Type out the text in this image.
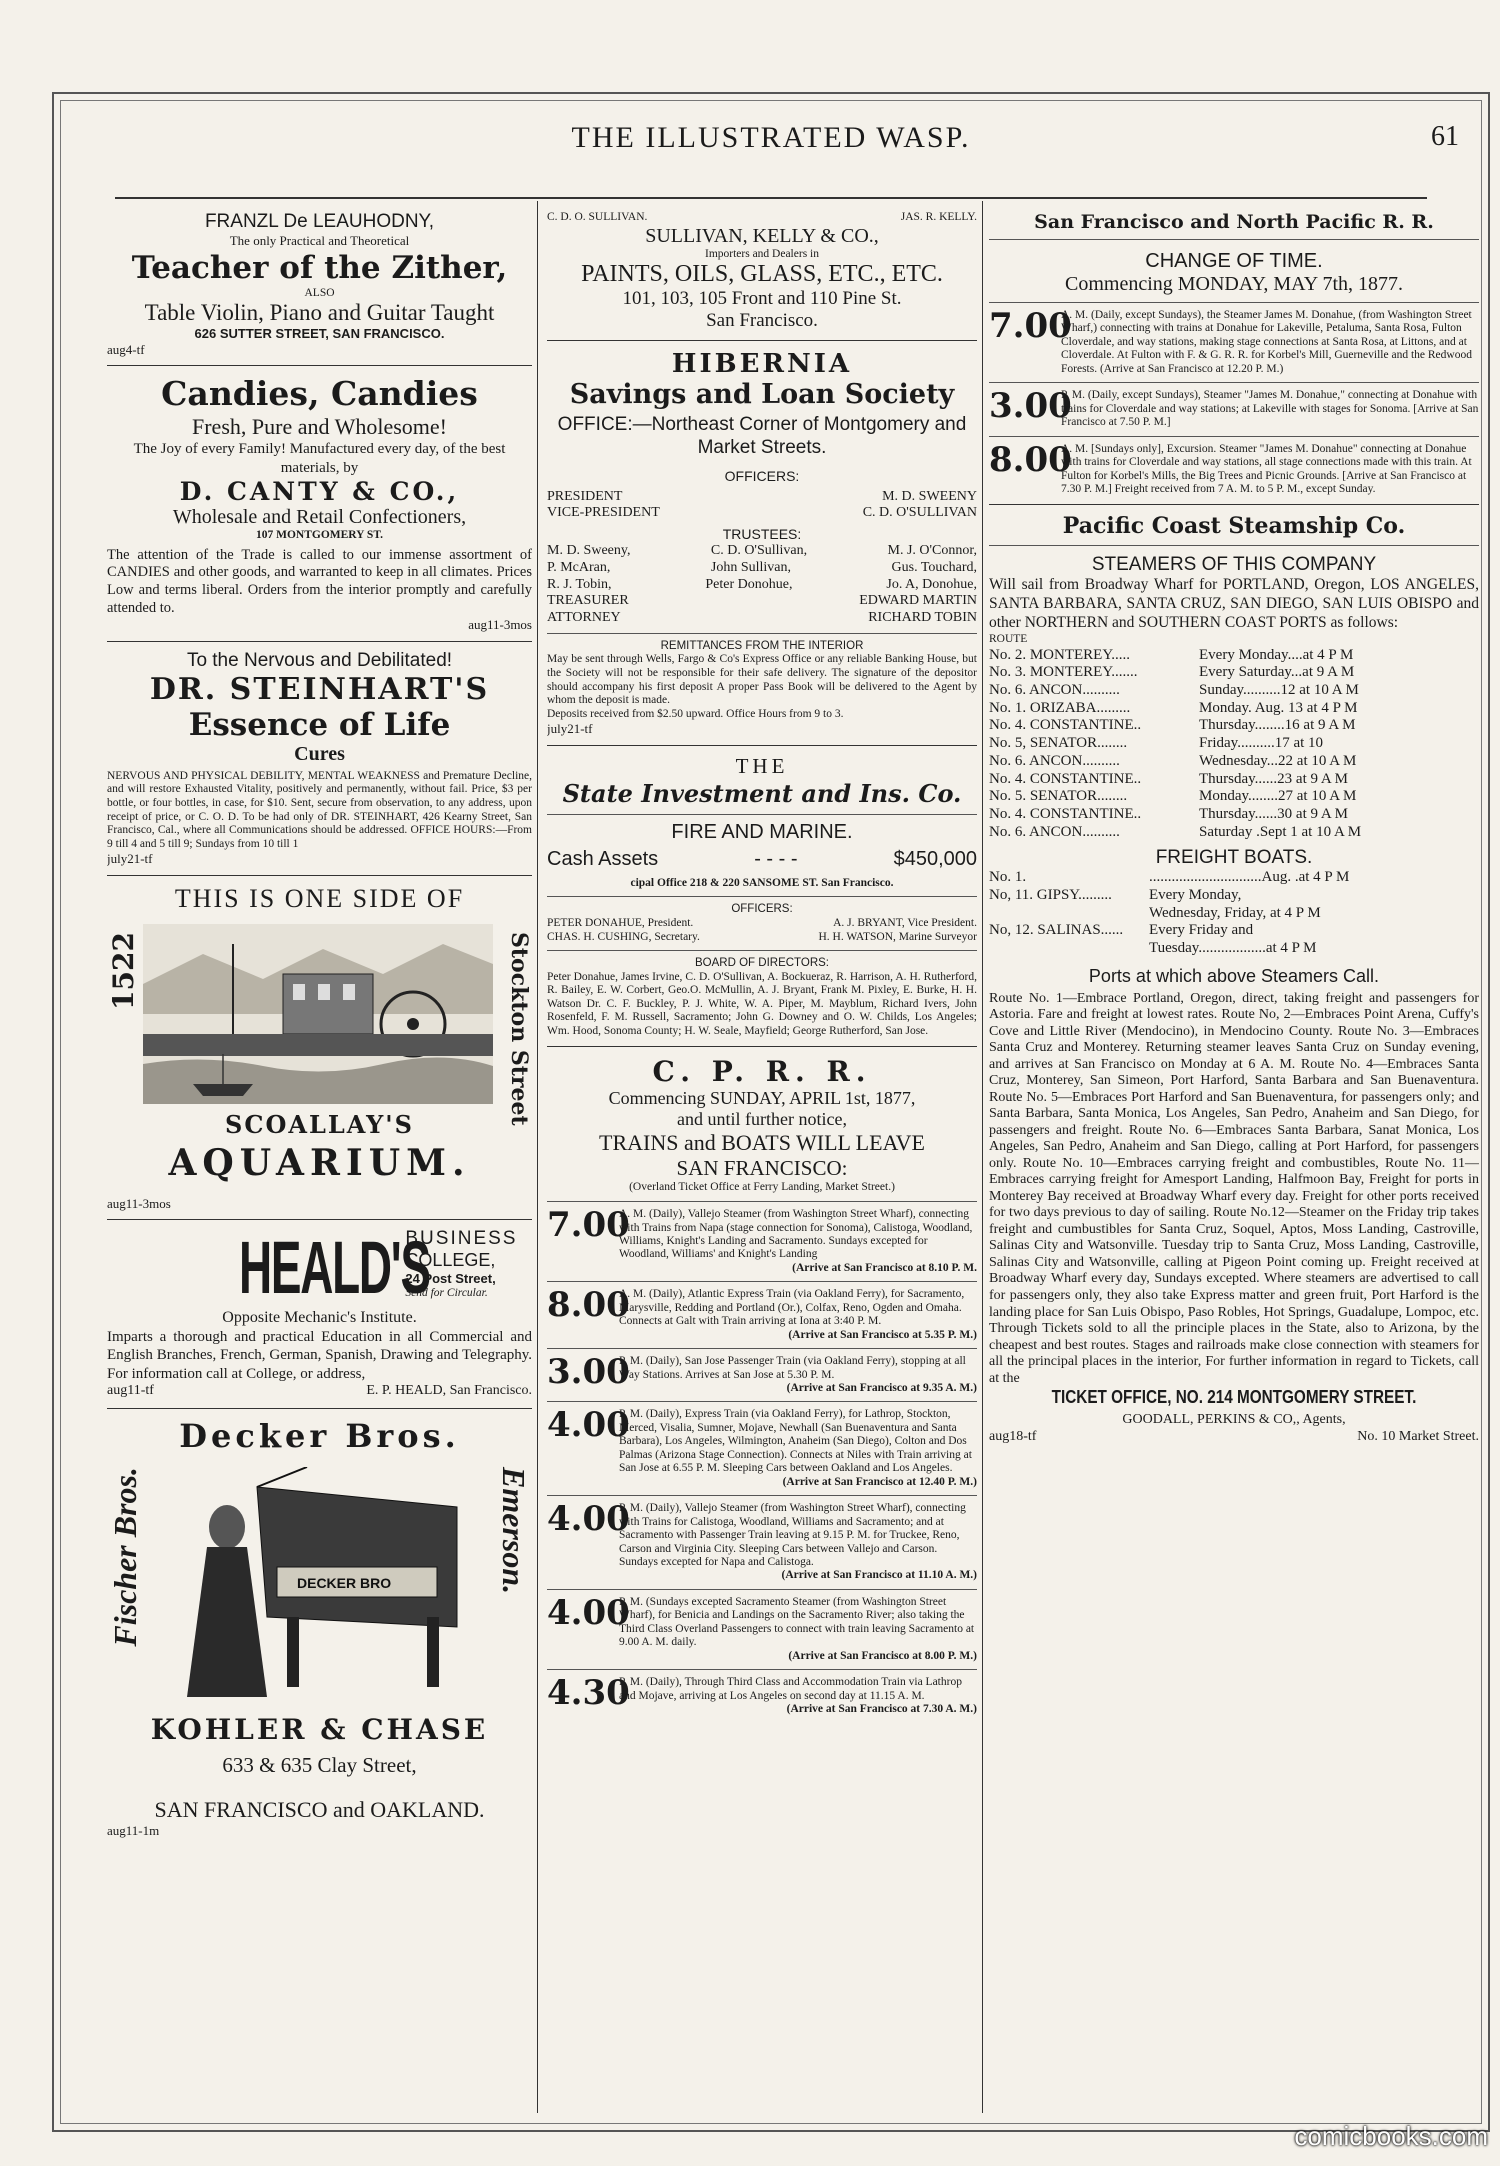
THE ILLUSTRATED WASP.	61
FRANZL De LEAUHODNY,
The only Practical and Theoretical
Teacher of the Zither,
ALSO
Table Violin, Piano and Guitar Taught
626 SUTTER STREET, SAN FRANCISCO.
aug4-tf
Candies, Candies
Fresh, Pure and Wholesome!
The Joy of every Family! Manufactured every day, of the best materials, by
D. CANTY & CO.,
Wholesale and Retail Confectioners,
107 MONTGOMERY ST.
The attention of the Trade is called to our immense assortment of CANDIES and other goods, and warranted to keep in all climates. Prices Low and terms liberal. Orders from the interior promptly and carefully attended to.
aug11-3mos
To the Nervous and Debilitated!
DR. STEINHART'S
Essence of Life
Cures
NERVOUS AND PHYSICAL DEBILITY, MENTAL WEAKNESS and Premature Decline, and will restore Exhausted Vitality, positively and permanently, without fail. Price, $3 per bottle, or four bottles, in case, for $10. Sent, secure from observation, to any address, upon receipt of price, or C. O. D. To be had only of DR. STEINHART, 426 Kearny Street, San Francisco, Cal., where all Communications should be addressed. OFFICE HOURS:—From 9 till 4 and 5 till 9; Sundays from 10 till 1
july21-tf
THIS IS ONE SIDE OF
1522	Stockton Street
SCOALLAY'S
AQUARIUM.
aug11-3mos
HEALD'S
BUSINESS
COLLEGE,
24 Post Street,
Send for Circular.
Opposite Mechanic's Institute.
Imparts a thorough and practical Education in all Commercial and English Branches, French, German, Spanish, Drawing and Telegraphy. For information call at College, or address,
aug11-tf	E. P. HEALD, San Francisco.
Decker Bros.
Fischer Bros.	Emerson.
DECKER BRO
KOHLER & CHASE
633 & 635 Clay Street,
SAN FRANCISCO and OAKLAND.
aug11-1m
C. D. O. SULLIVAN.	JAS. R. KELLY.
SULLIVAN, KELLY & CO.,
Importers and Dealers in
PAINTS, OILS, GLASS, ETC., ETC.
101, 103, 105 Front and 110 Pine St.
San Francisco.
HIBERNIA
Savings and Loan Society
OFFICE:—Northeast Corner of Montgomery and Market Streets.
OFFICERS:
PRESIDENT	M. D. SWEENY
VICE-PRESIDENT	C. D. O'SULLIVAN
TRUSTEES:
M. D. Sweeny,	C. D. O'Sullivan,	M. J. O'Connor,
P. McAran,	John Sullivan,	Gus. Touchard,
R. J. Tobin,	Peter Donohue,	Jo. A, Donohue,
TREASURER	EDWARD MARTIN
ATTORNEY	RICHARD TOBIN
REMITTANCES FROM THE INTERIOR
May be sent through Wells, Fargo & Co's Express Office or any reliable Banking House, but the Society will not be responsible for their safe delivery. The signature of the depositor should accompany his first deposit A proper Pass Book will be delivered to the Agent by whom the deposit is made.
Deposits received from $2.50 upward. Office Hours from 9 to 3.
july21-tf
THE
State Investment and Ins. Co.
FIRE AND MARINE.
Cash Assets	- - - -	$450,000
cipal Office 218 & 220 SANSOME ST. San Francisco.
OFFICERS:
PETER DONAHUE, President.	A. J. BRYANT, Vice President.
CHAS. H. CUSHING, Secretary.	H. H. WATSON, Marine Surveyor
BOARD OF DIRECTORS:
Peter Donahue, James Irvine, C. D. O'Sullivan, A. Bockueraz, R. Harrison, A. H. Rutherford, R. Bailey, E. W. Corbert, Geo.O. McMullin, A. J. Bryant, Frank M. Pixley, E. Burke, H. H. Watson Dr. C. F. Buckley, P. J. White, W. A. Piper, M. Mayblum, Richard Ivers, John Rosenfeld, F. M. Russell, Sacramento; John G. Downey and O. W. Childs, Los Angeles; Wm. Hood, Sonoma County; H. W. Seale, Mayfield; George Rutherford, San Jose.
C. P. R. R.
Commencing SUNDAY, APRIL 1st, 1877,
and until further notice,
TRAINS and BOATS WILL LEAVE
SAN FRANCISCO:
(Overland Ticket Office at Ferry Landing, Market Street.)
7.00
A. M. (Daily), Vallejo Steamer (from Washington Street Wharf), connecting with Trains from Napa (stage connection for Sonoma), Calistoga, Woodland, Williams, Knight's Landing and Sacramento. Sundays excepted for Woodland, Williams' and Knight's Landing
(Arrive at San Francisco at 8.10 P. M.
8.00
A. M. (Daily), Atlantic Express Train (via Oakland Ferry), for Sacramento, Marysville, Redding and Portland (Or.), Colfax, Reno, Ogden and Omaha. Connects at Galt with Train arriving at Iona at 3:40 P. M.
(Arrive at San Francisco at 5.35 P. M.)
3.00
P. M. (Daily), San Jose Passenger Train (via Oakland Ferry), stopping at all Way Stations. Arrives at San Jose at 5.30 P. M.
(Arrive at San Francisco at 9.35 A. M.)
4.00
P. M. (Daily), Express Train (via Oakland Ferry), for Lathrop, Stockton, Merced, Visalia, Sumner, Mojave, Newhall (San Buenaventura and Santa Barbara), Los Angeles, Wilmington, Anaheim (San Diego), Colton and Dos Palmas (Arizona Stage Connection). Connects at Niles with Train arriving at San Jose at 6.55 P. M. Sleeping Cars between Oakland and Los Angeles.
(Arrive at San Francisco at 12.40 P. M.)
4.00
P. M. (Daily), Vallejo Steamer (from Washington Street Wharf), connecting with Trains for Calistoga, Woodland, Williams and Sacramento; and at Sacramento with Passenger Train leaving at 9.15 P. M. for Truckee, Reno, Carson and Virginia City. Sleeping Cars between Vallejo and Carson. Sundays excepted for Napa and Calistoga.
(Arrive at San Francisco at 11.10 A. M.)
4.00
P. M. (Sundays excepted Sacramento Steamer (from Washington Street Wharf), for Benicia and Landings on the Sacramento River; also taking the Third Class Overland Passengers to connect with train leaving Sacramento at 9.00 A. M. daily.
(Arrive at San Francisco at 8.00 P. M.)
4.30
P. M. (Daily), Through Third Class and Accommodation Train via Lathrop and Mojave, arriving at Los Angeles on second day at 11.15 A. M.
(Arrive at San Francisco at 7.30 A. M.)
San Francisco and North Pacific R. R.
CHANGE OF TIME.
Commencing MONDAY, MAY 7th, 1877.
7.00
A. M. (Daily, except Sundays), the Steamer James M. Donahue, (from Washington Street Wharf,) connecting with trains at Donahue for Lakeville, Petaluma, Santa Rosa, Fulton Cloverdale, and way stations, making stage connections at Santa Rosa, at Littons, and at Cloverdale. At Fulton with F. & G. R. R. for Korbel's Mill, Guerneville and the Redwood Forests. (Arrive at San Francisco at 12.20 P. M.)
3.00
P. M. (Daily, except Sundays), Steamer "James M. Donahue," connecting at Donahue with trains for Cloverdale and way stations; at Lakeville with stages for Sonoma. [Arrive at San Francisco at 7.50 P. M.]
8.00
A. M. [Sundays only], Excursion. Steamer "James M. Donahue" connecting at Donahue with trains for Cloverdale and way stations, all stage connections made with this train. At Fulton for Korbel's Mills, the Big Trees and Picnic Grounds. [Arrive at San Francisco at 7.30 P. M.] Freight received from 7 A. M. to 5 P. M., except Sunday.
Pacific Coast Steamship Co.
STEAMERS OF THIS COMPANY
Will sail from Broadway Wharf for PORTLAND, Oregon, LOS ANGELES, SANTA BARBARA, SANTA CRUZ, SAN DIEGO, SAN LUIS OBISPO and other NORTHERN and SOUTHERN COAST PORTS as follows:
ROUTE
No. 2. MONTEREY.....	Every Monday....at 4 P M
No. 3. MONTEREY.......	Every Saturday...at 9 A M
No. 6. ANCON..........	Sunday..........12 at 10 A M
No. 1. ORIZABA.........	Monday. Aug. 13 at 4 P M
No. 4. CONSTANTINE..	Thursday........16 at 9 A M
No. 5, SENATOR........	Friday..........17 at 10
No. 6. ANCON..........	Wednesday...22 at 10 A M
No. 4. CONSTANTINE..	Thursday......23 at 9 A M
No. 5. SENATOR........	Monday........27 at 10 A M
No. 4. CONSTANTINE..	Thursday......30 at 9 A M
No. 6. ANCON..........	Saturday .Sept 1 at 10 A M
FREIGHT BOATS.
No. 1.	..............................Aug. .at 4 P M
No, 11. GIPSY.........	Every Monday,
Wednesday, Friday, at 4 P M
No, 12. SALINAS......	Every Friday and
Tuesday..................at 4 P M
Ports at which above Steamers Call.
Route No. 1—Embrace Portland, Oregon, direct, taking freight and passengers for Astoria. Fare and freight at lowest rates. Route No, 2—Embraces Point Arena, Cuffy's Cove and Little River (Mendocino), in Mendocino County. Route No. 3—Embraces Santa Cruz and Monterey. Returning steamer leaves Santa Cruz on Sunday evening, and arrives at San Francisco on Monday at 6 A. M. Route No. 4—Embraces Santa Cruz, Monterey, San Simeon, Port Harford, Santa Barbara and San Buenaventura. Route No. 5—Embraces Port Harford and San Buenaventura, for passengers only; and Santa Barbara, Santa Monica, Los Angeles, San Pedro, Anaheim and San Diego, for passengers and freight. Route No. 6—Embraces Santa Barbara, Sanat Monica, Los Angeles, San Pedro, Anaheim and San Diego, calling at Port Harford, for passengers only. Route No. 10—Embraces carrying freight and combustibles, Route No. 11—Embraces carrying freight for Amesport Landing, Halfmoon Bay, Freight for ports in Monterey Bay received at Broadway Wharf every day. Freight for other ports received for two days previous to day of sailing. Route No.12—Steamer on the Friday trip takes freight and cumbustibles for Santa Cruz, Soquel, Aptos, Moss Landing, Castroville, Salinas City and Watsonville. Tuesday trip to Santa Cruz, Moss Landing, Castroville, Salinas City and Watsonville, calling at Pigeon Point coming up. Freight received at Broadway Wharf every day, Sundays excepted. Where steamers are advertised to call for passengers only, they also take Express matter and green fruit, Port Harford is the landing place for San Luis Obispo, Paso Robles, Hot Springs, Guadalupe, Lompoc, etc. Through Tickets sold to all the principle places in the State, also to Arizona, by the cheapest and best routes. Stages and railroads make close connection with steamers for all the principal places in the interior, For further information in regard to Tickets, call at the
TICKET OFFICE, NO. 214 MONTGOMERY STREET.
GOODALL, PERKINS & CO,, Agents,
aug18-tf	No. 10 Market Street.
comicbooks.com
